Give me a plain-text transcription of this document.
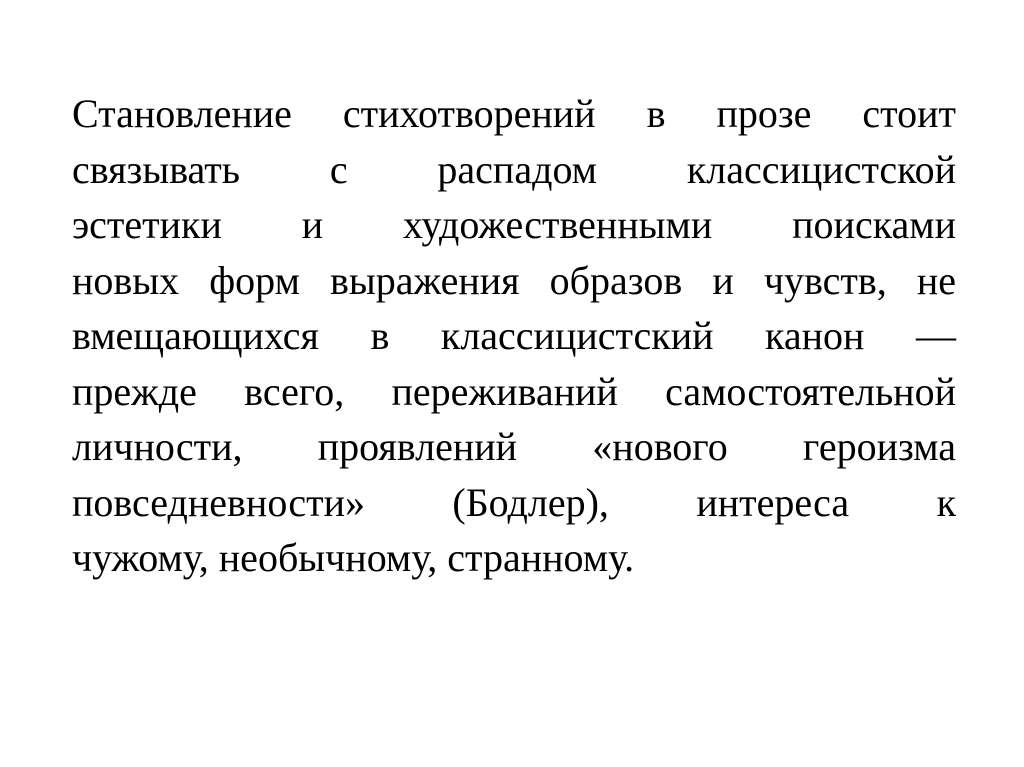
Становление стихотворений в прозе стоит
связывать с распадом классицистской
эстетики и художественными поисками
новых форм выражения образов и чувств, не
вмещающихся в классицистский канон —
прежде всего, переживаний самостоятельной
личности, проявлений «нового героизма
повседневности» (Бодлер), интереса к
чужому, необычному, странному.
